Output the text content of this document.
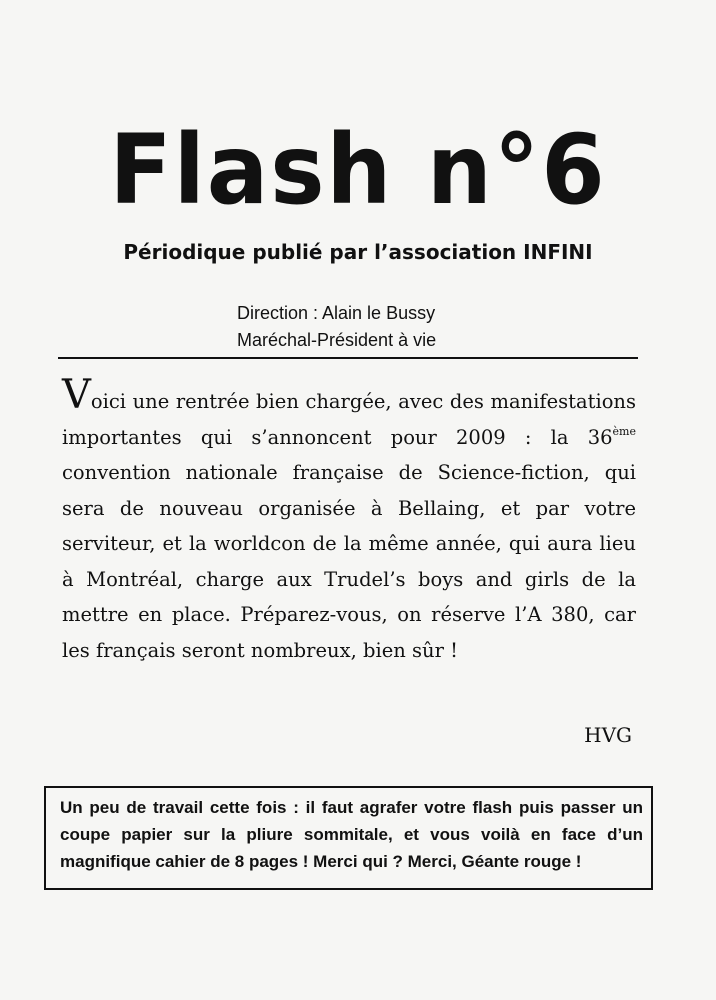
Flash n°6
Périodique publié par l’association INFINI
Direction : Alain le Bussy
Maréchal-Président à vie
Voici une rentrée bien chargée, avec des manifestations importantes qui s’annoncent pour 2009 : la 36ème convention nationale française de Science-fiction, qui sera de nouveau organisée à Bellaing, et par votre serviteur, et la worldcon de la même année, qui aura lieu à Montréal, charge aux Trudel’s boys and girls de la mettre en place. Préparez-vous, on réserve l’A 380, car les français seront nombreux, bien sûr !
HVG
Un peu de travail cette fois : il faut agrafer votre flash puis passer un coupe papier sur la pliure sommitale, et vous voilà en face d’un magnifique cahier de 8 pages ! Merci qui ? Merci, Géante rouge !
